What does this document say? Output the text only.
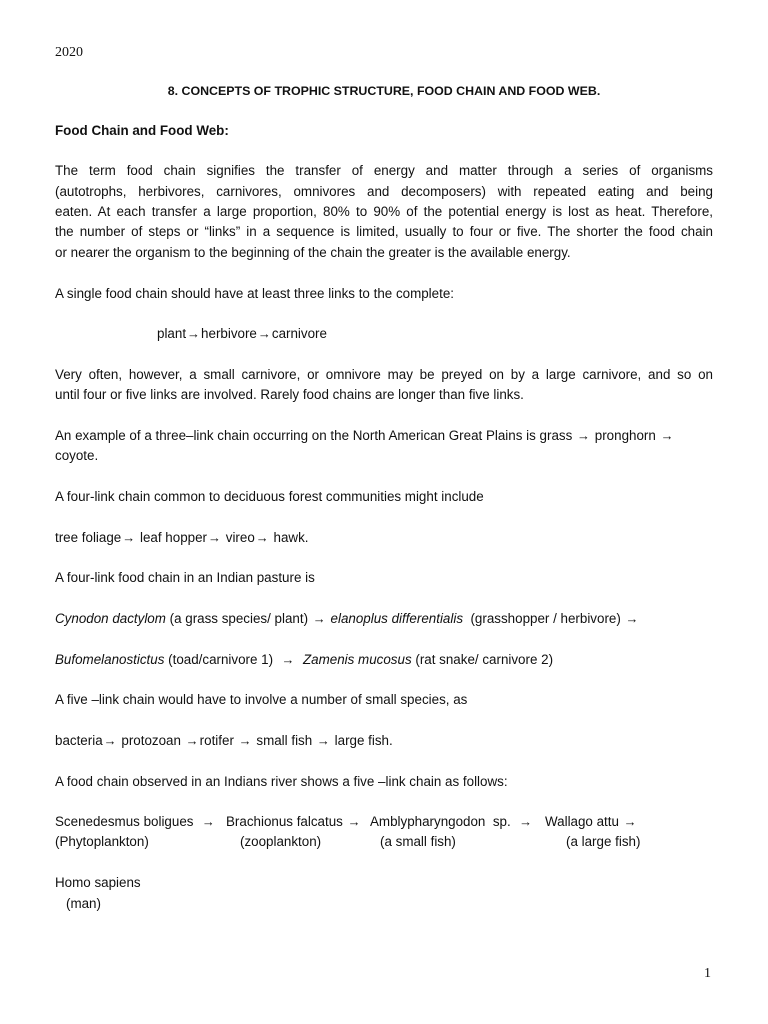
2020
8. CONCEPTS OF TROPHIC STRUCTURE, FOOD CHAIN AND FOOD WEB.
Food Chain and Food Web:
The term food chain signifies the transfer of energy and matter through a series of organisms
(autotrophs, herbivores, carnivores, omnivores and decomposers) with repeated eating and being
eaten. At each transfer a large proportion, 80% to 90% of the potential energy is lost as heat. Therefore,
the number of steps or “links” in a sequence is limited, usually to four or five. The shorter the food chain
or nearer the organism to the beginning of the chain the greater is the available energy.
A single food chain should have at least three links to the complete:
plant→herbivore→carnivore
Very often, however, a small carnivore, or omnivore may be preyed on by a large carnivore, and so on
until four or five links are involved. Rarely food chains are longer than five links.
An example of a three–link chain occurring on the North American Great Plains is grass → pronghorn →
coyote.
A four-link chain common to deciduous forest communities might include
tree foliage→ leaf hopper→ vireo→ hawk.
A four-link food chain in an Indian pasture is
Cynodon dactylom (a grass species/ plant) → elanoplus differentialis  (grasshopper / herbivore) →
Bufomelanostictus (toad/carnivore 1)  → Zamenis mucosus (rat snake/ carnivore 2)
A five –link chain would have to involve a number of small species, as
bacteria→ protozoan →rotifer → small fish → large fish.
A food chain observed in an Indians river shows a five –link chain as follows:
Scenedesmus boligues → Brachionus falcatus → Amblypharyngodon  sp. → Wallago attu →
(Phytoplankton)	(zooplankton)	(a small fish)	(a large fish)
Homo sapiens
(man)
1
